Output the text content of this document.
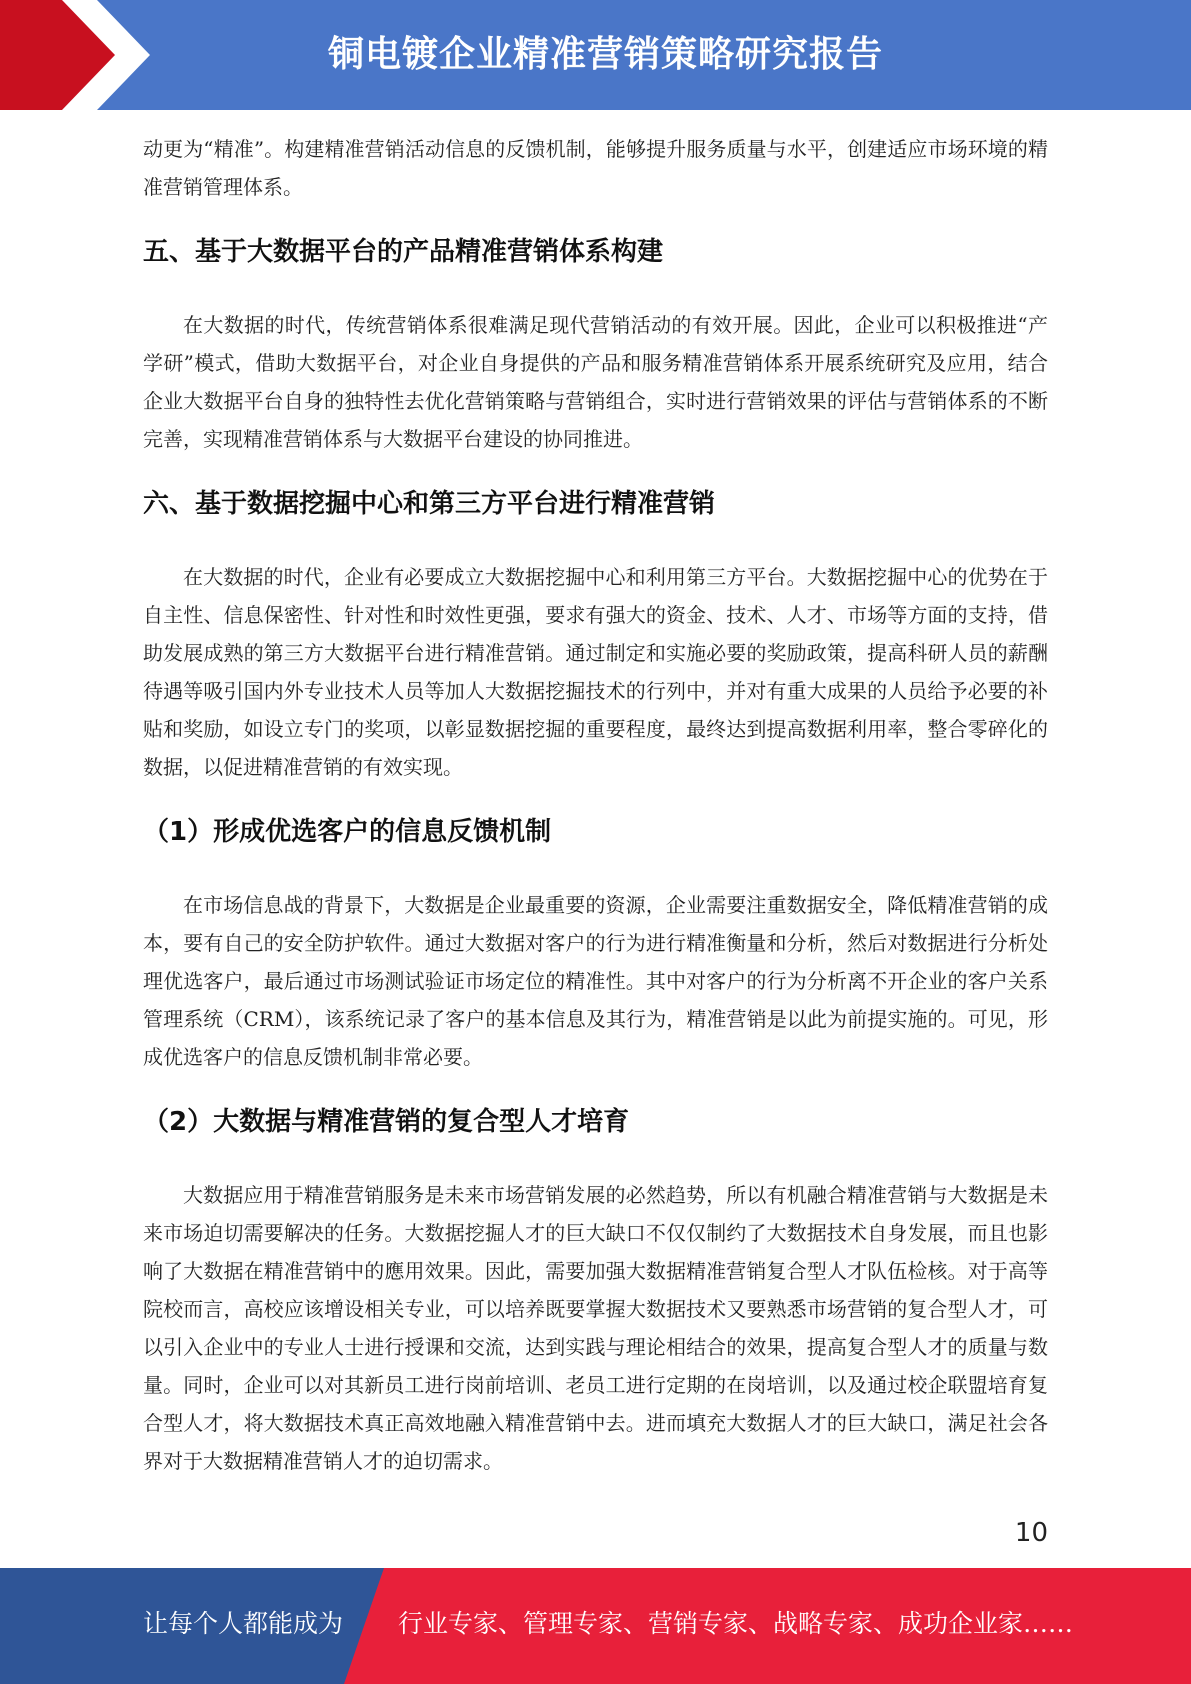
铜电镀企业精准营销策略研究报告

动更为“精准”。构建精准营销活动信息的反馈机制，能够提升服务质量与水平，创建适应市场环境的精准营销管理体系。

五、基于大数据平台的产品精准营销体系构建

在大数据的时代，传统营销体系很难满足现代营销活动的有效开展。因此，企业可以积极推进“产学研”模式，借助大数据平台，对企业自身提供的产品和服务精准营销体系开展系统研究及应用，结合企业大数据平台自身的独特性去优化营销策略与营销组合，实时进行营销效果的评估与营销体系的不断完善，实现精准营销体系与大数据平台建设的协同推进。

六、基于数据挖掘中心和第三方平台进行精准营销

在大数据的时代，企业有必要成立大数据挖掘中心和利用第三方平台。大数据挖掘中心的优势在于自主性、信息保密性、针对性和时效性更强，要求有强大的资金、技术、人才、市场等方面的支持，借助发展成熟的第三方大数据平台进行精准营销。通过制定和实施必要的奖励政策，提高科研人员的薪酬待遇等吸引国内外专业技术人员等加人大数据挖掘技术的行列中，并对有重大成果的人员给予必要的补贴和奖励，如设立专门的奖项，以彰显数据挖掘的重要程度，最终达到提高数据利用率，整合零碎化的数据，以促进精准营销的有效实现。

（1）形成优选客户的信息反馈机制

在市场信息战的背景下，大数据是企业最重要的资源，企业需要注重数据安全，降低精准营销的成本，要有自己的安全防护软件。通过大数据对客户的行为进行精准衡量和分析，然后对数据进行分析处理优选客户，最后通过市场测试验证市场定位的精准性。其中对客户的行为分析离不开企业的客户关系管理系统（CRM），该系统记录了客户的基本信息及其行为，精准营销是以此为前提实施的。可见，形成优选客户的信息反馈机制非常必要。

（2）大数据与精准营销的复合型人才培育

大数据应用于精准营销服务是未来市场营销发展的必然趋势，所以有机融合精准营销与大数据是未来市场迫切需要解决的任务。大数据挖掘人才的巨大缺口不仅仅制约了大数据技术自身发展，而且也影响了大数据在精准营销中的應用效果。因此，需要加强大数据精准营销复合型人才队伍检核。对于高等院校而言，高校应该增设相关专业，可以培养既要掌握大数据技术又要熟悉市场营销的复合型人才，可以引入企业中的专业人士进行授课和交流，达到实践与理论相结合的效果，提高复合型人才的质量与数量。同时，企业可以对其新员工进行岗前培训、老员工进行定期的在岗培训，以及通过校企联盟培育复合型人才，将大数据技术真正高效地融入精准营销中去。进而填充大数据人才的巨大缺口，满足社会各界对于大数据精准营销人才的迫切需求。

10
让每个人都能成为 行业专家、管理专家、营销专家、战略专家、成功企业家……
